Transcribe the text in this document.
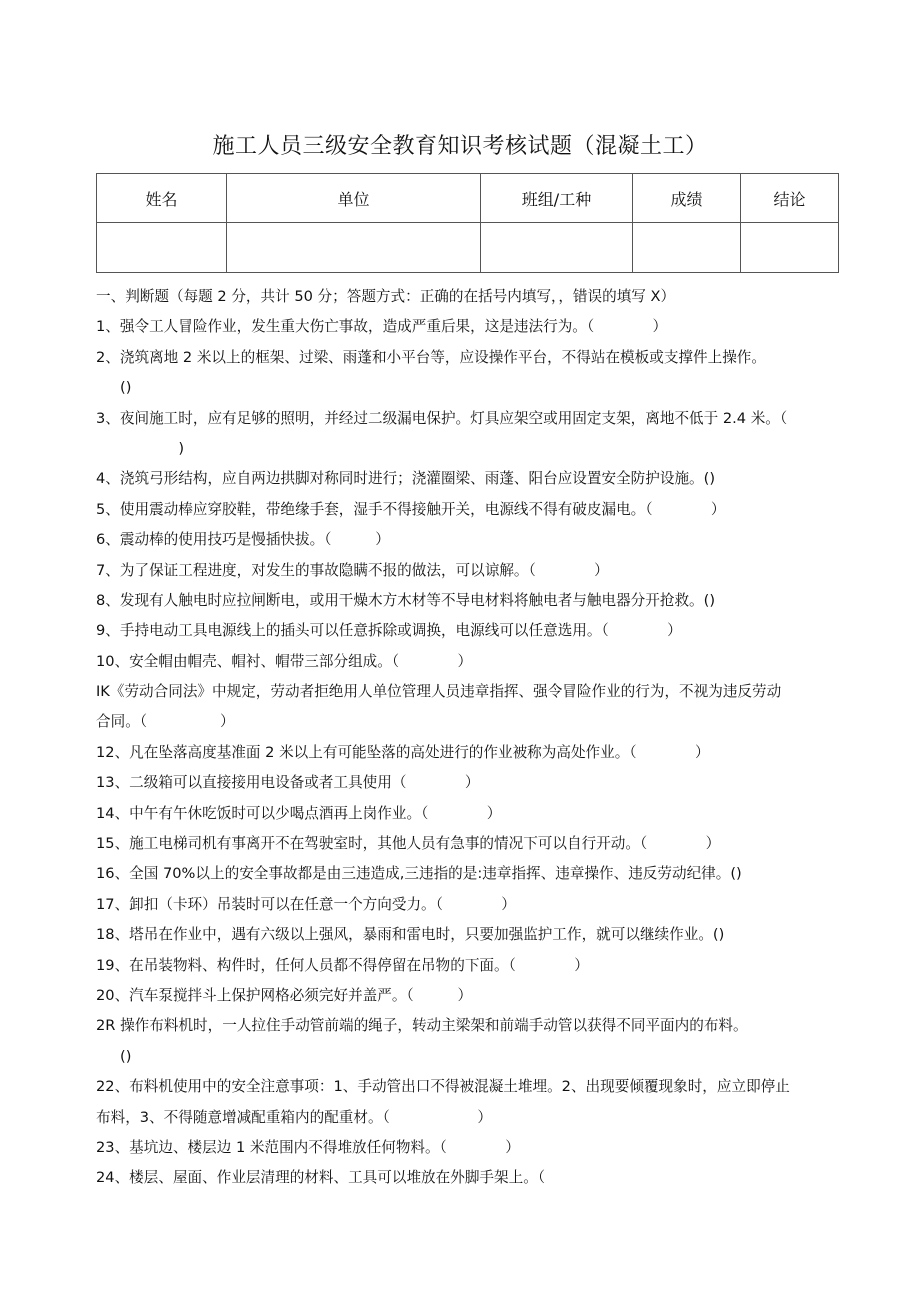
施工人员三级安全教育知识考核试题（混凝土工）
姓名	单位	班组/工种	成绩	结论

一、判断题（每题 2 分，共计 50 分；答题方式：正确的在括号内填写，，错误的填写 X）
1、强令工人冒险作业，发生重大伤亡事故，造成严重后果，这是违法行为。（　　　　）
2、浇筑离地 2 米以上的框架、过梁、雨蓬和小平台等，应设操作平台，不得站在模板或支撑件上操作。
()
3、夜间施工时，应有足够的照明，并经过二级漏电保护。灯具应架空或用固定支架，离地不低于 2.4 米。（
　　　　)
4、浇筑弓形结构，应自两边拱脚对称同时进行；浇灌圈梁、雨蓬、阳台应设置安全防护设施。()
5、使用震动棒应穿胶鞋，带绝缘手套，湿手不得接触开关，电源线不得有破皮漏电。（　　　　）
6、震动棒的使用技巧是慢插快拔。（　　　）
7、为了保证工程进度，对发生的事故隐瞒不报的做法，可以谅解。（　　　　）
8、发现有人触电时应拉闸断电，或用干燥木方木材等不导电材料将触电者与触电器分开抢救。()
9、手持电动工具电源线上的插头可以任意拆除或调换，电源线可以任意选用。（　　　　）
10、安全帽由帽壳、帽衬、帽带三部分组成。（　　　　）
IK《劳动合同法》中规定，劳动者拒绝用人单位管理人员违章指挥、强令冒险作业的行为，不视为违反劳动
合同。（　　　　　）
12、凡在坠落高度基准面 2 米以上有可能坠落的高处进行的作业被称为高处作业。（　　　　）
13、二级箱可以直接接用电设备或者工具使用（　　　　）
14、中午有午休吃饭时可以少喝点酒再上岗作业。（　　　　）
15、施工电梯司机有事离开不在驾驶室时，其他人员有急事的情况下可以自行开动。（　　　　）
16、全国 70%以上的安全事故都是由三违造成,三违指的是:违章指挥、违章操作、违反劳动纪律。()
17、卸扣（卡环）吊装时可以在任意一个方向受力。（　　　　）
18、塔吊在作业中，遇有六级以上强风，暴雨和雷电时，只要加强监护工作，就可以继续作业。()
19、在吊装物料、构件时，任何人员都不得停留在吊物的下面。（　　　　）
20、汽车泵搅拌斗上保护网格必须完好并盖严。（　　　）
2R 操作布料机时，一人拉住手动管前端的绳子，转动主梁架和前端手动管以获得不同平面内的布料。
()
22、布料机使用中的安全注意事项：1、手动管出口不得被混凝土堆埋。2、出现要倾覆现象时，应立即停止
布料，3、不得随意增减配重箱内的配重材。（　　　　　　）
23、基坑边、楼层边 1 米范围内不得堆放任何物料。（　　　　）
24、楼层、屋面、作业层清理的材料、工具可以堆放在外脚手架上。（
